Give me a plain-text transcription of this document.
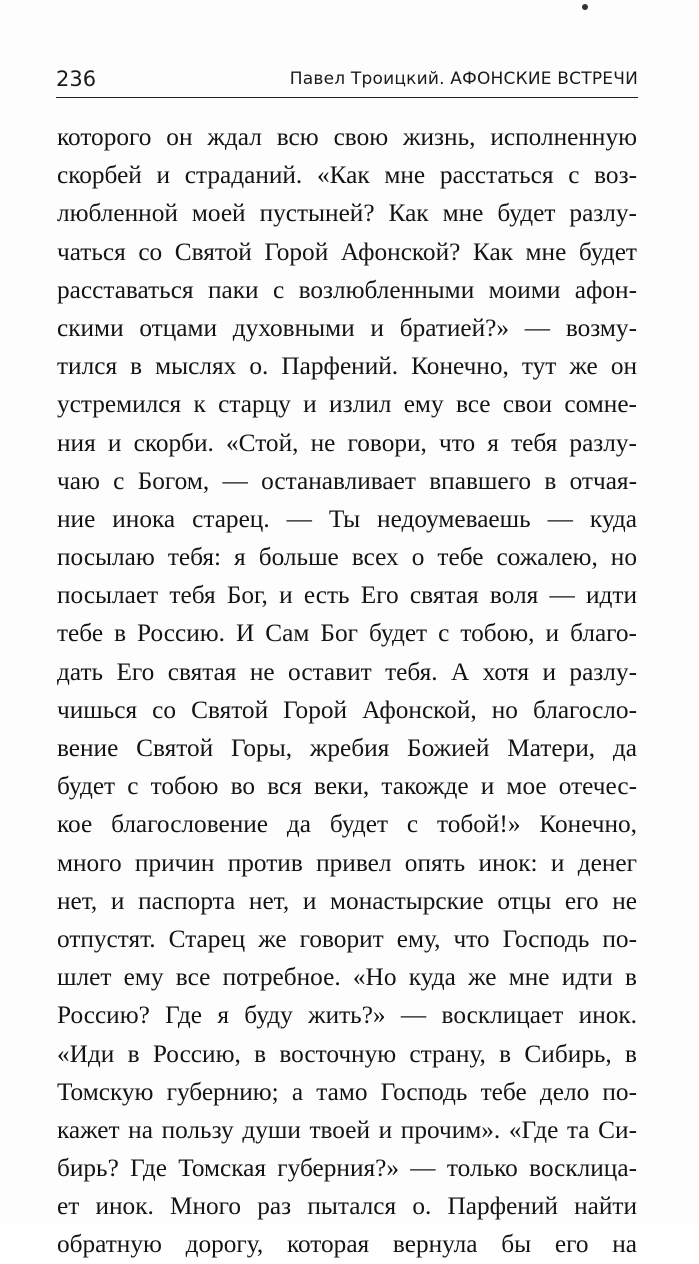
236	Павел Троицкий. АФОНСКИЕ ВСТРЕЧИ
которого он ждал всю свою жизнь, исполненную
скорбей и страданий. «Как мне расстаться с воз-
любленной моей пустыней? Как мне будет разлу-
чаться со Святой Горой Афонской? Как мне будет
расставаться паки с возлюбленными моими афон-
скими отцами духовными и братией?» — возму-
тился в мыслях о. Парфений. Конечно, тут же он
устремился к старцу и излил ему все свои сомне-
ния и скорби. «Стой, не говори, что я тебя разлу-
чаю с Богом, — останавливает впавшего в отчая-
ние инока старец. — Ты недоумеваешь — куда
посылаю тебя: я больше всех о тебе сожалею, но
посылает тебя Бог, и есть Его святая воля — идти
тебе в Россию. И Сам Бог будет с тобою, и благо-
дать Его святая не оставит тебя. А хотя и разлу-
чишься со Святой Горой Афонской, но благосло-
вение Святой Горы, жребия Божией Матери, да
будет с тобою во вся веки, такожде и мое отечес-
кое благословение да будет с тобой!» Конечно,
много причин против привел опять инок: и денег
нет, и паспорта нет, и монастырские отцы его не
отпустят. Старец же говорит ему, что Господь по-
шлет ему все потребное. «Но куда же мне идти в
Россию? Где я буду жить?» — восклицает инок.
«Иди в Россию, в восточную страну, в Сибирь, в
Томскую губернию; а тамо Господь тебе дело по-
кажет на пользу души твоей и прочим». «Где та Си-
бирь? Где Томская губерния?» — только восклица-
ет инок. Много раз пытался о. Парфений найти
обратную дорогу, которая вернула бы его на
